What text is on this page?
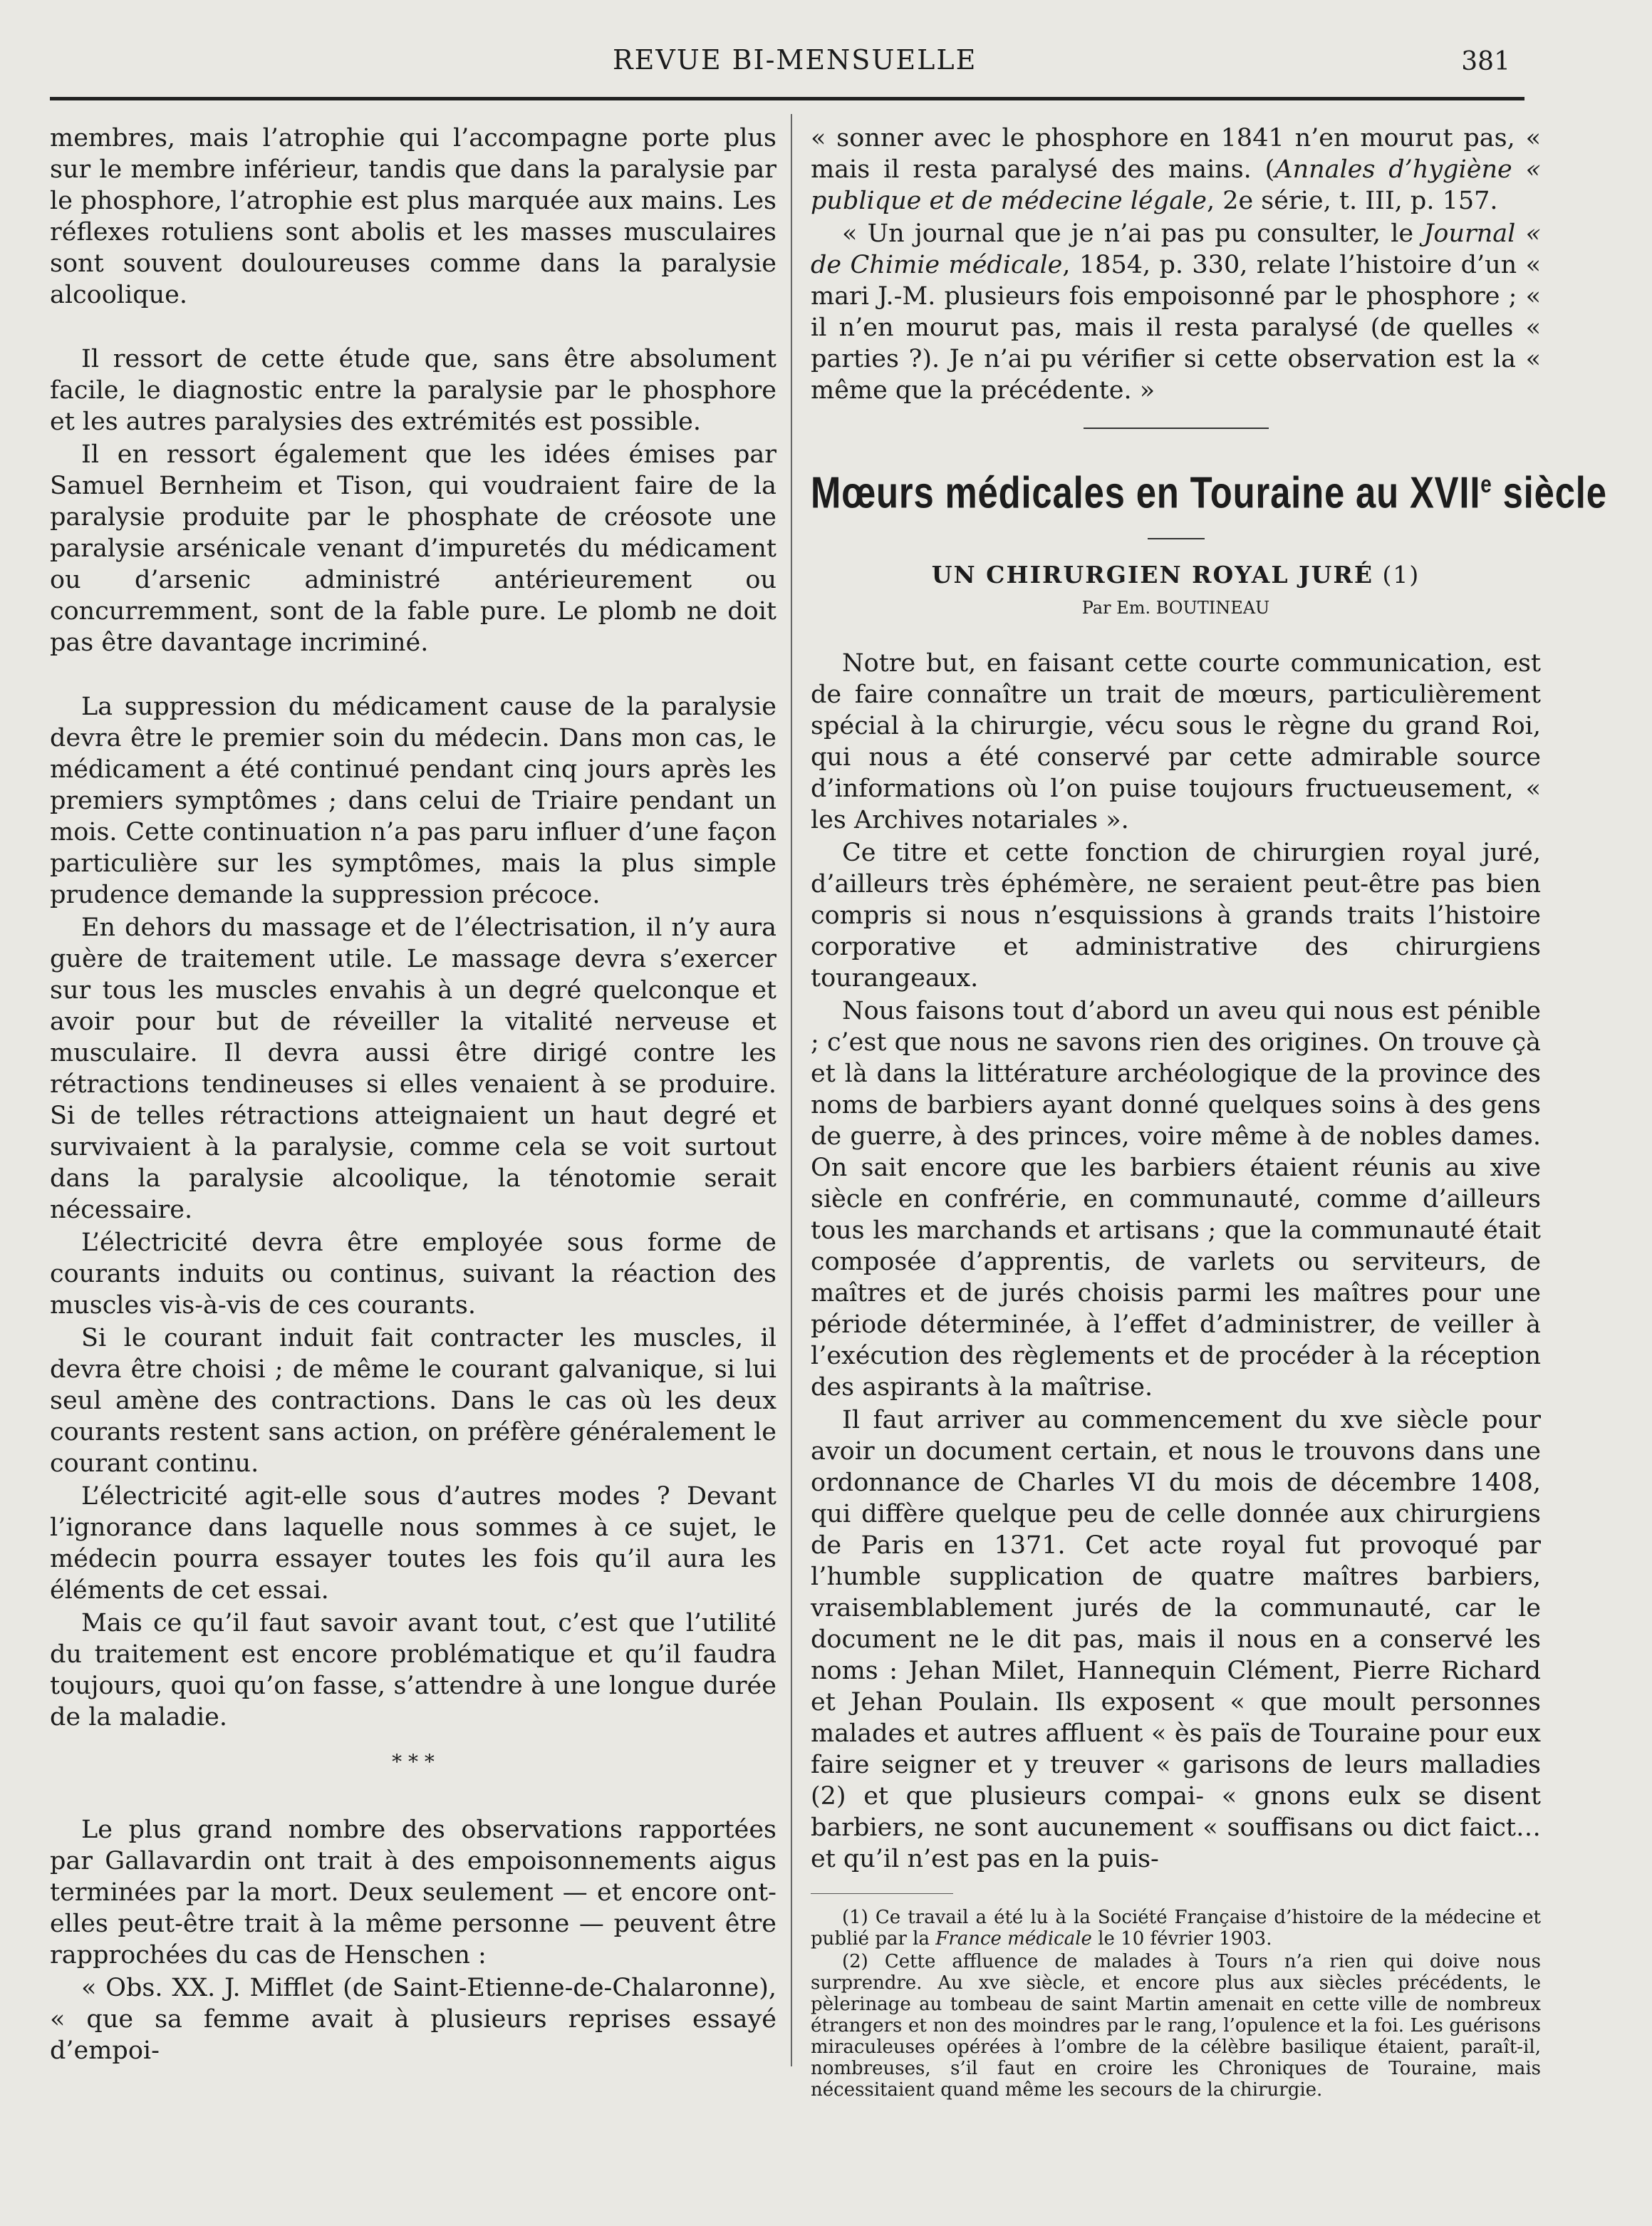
REVUE BI-MENSUELLE	381

membres, mais l’atrophie qui l’accompagne porte plus sur le membre inférieur, tandis que dans la paralysie par le phosphore, l’atrophie est plus marquée aux mains. Les réflexes rotuliens sont abolis et les masses musculaires sont souvent douloureuses comme dans la paralysie alcoolique.

Il ressort de cette étude que, sans être absolument facile, le diagnostic entre la paralysie par le phosphore et les autres paralysies des extrémités est possible.

Il en ressort également que les idées émises par Samuel Bernheim et Tison, qui voudraient faire de la paralysie produite par le phosphate de créosote une paralysie arsénicale venant d’impuretés du médicament ou d’arsenic administré antérieurement ou concurremment, sont de la fable pure. Le plomb ne doit pas être davantage incriminé.

La suppression du médicament cause de la paralysie devra être le premier soin du médecin. Dans mon cas, le médicament a été continué pendant cinq jours après les premiers symptômes ; dans celui de Triaire pendant un mois. Cette continuation n’a pas paru influer d’une façon particulière sur les symptômes, mais la plus simple prudence demande la suppression précoce.

En dehors du massage et de l’électrisation, il n’y aura guère de traitement utile. Le massage devra s’exercer sur tous les muscles envahis à un degré quelconque et avoir pour but de réveiller la vitalité nerveuse et musculaire. Il devra aussi être dirigé contre les rétractions tendineuses si elles venaient à se produire. Si de telles rétractions atteignaient un haut degré et survivaient à la paralysie, comme cela se voit surtout dans la paralysie alcoolique, la ténotomie serait nécessaire.

L’électricité devra être employée sous forme de courants induits ou continus, suivant la réaction des muscles vis-à-vis de ces courants.

Si le courant induit fait contracter les muscles, il devra être choisi ; de même le courant galvanique, si lui seul amène des contractions. Dans le cas où les deux courants restent sans action, on préfère généralement le courant continu.

L’électricité agit-elle sous d’autres modes ? Devant l’ignorance dans laquelle nous sommes à ce sujet, le médecin pourra essayer toutes les fois qu’il aura les éléments de cet essai.

Mais ce qu’il faut savoir avant tout, c’est que l’utilité du traitement est encore problématique et qu’il faudra toujours, quoi qu’on fasse, s’attendre à une longue durée de la maladie.

* * *

Le plus grand nombre des observations rapportées par Gallavardin ont trait à des empoisonnements aigus terminées par la mort. Deux seulement — et encore ont-elles peut-être trait à la même personne — peuvent être rapprochées du cas de Henschen :

« Obs. XX. J. Mifflet (de Saint-Etienne-de-Chalaronne), « que sa femme avait à plusieurs reprises essayé d’empoi-

« sonner avec le phosphore en 1841 n’en mourut pas, « mais il resta paralysé des mains. (Annales d’hygiène « publique et de médecine légale, 2e série, t. III, p. 157.

« Un journal que je n’ai pas pu consulter, le Journal « de Chimie médicale, 1854, p. 330, relate l’histoire d’un « mari J.-M. plusieurs fois empoisonné par le phosphore ; « il n’en mourut pas, mais il resta paralysé (de quelles « parties ?). Je n’ai pu vérifier si cette observation est la « même que la précédente. »

Mœurs médicales en Touraine au XVIIe siècle
UN CHIRURGIEN ROYAL JURÉ (1)
Par Em. BOUTINEAU

Notre but, en faisant cette courte communication, est de faire connaître un trait de mœurs, particulièrement spécial à la chirurgie, vécu sous le règne du grand Roi, qui nous a été conservé par cette admirable source d’informations où l’on puise toujours fructueusement, « les Archives notariales ».

Ce titre et cette fonction de chirurgien royal juré, d’ailleurs très éphémère, ne seraient peut-être pas bien compris si nous n’esquissions à grands traits l’histoire corporative et administrative des chirurgiens tourangeaux.

Nous faisons tout d’abord un aveu qui nous est pénible ; c’est que nous ne savons rien des origines. On trouve çà et là dans la littérature archéologique de la province des noms de barbiers ayant donné quelques soins à des gens de guerre, à des princes, voire même à de nobles dames. On sait encore que les barbiers étaient réunis au xive siècle en confrérie, en communauté, comme d’ailleurs tous les marchands et artisans ; que la communauté était composée d’apprentis, de varlets ou serviteurs, de maîtres et de jurés choisis parmi les maîtres pour une période déterminée, à l’effet d’administrer, de veiller à l’exécution des règlements et de procéder à la réception des aspirants à la maîtrise.

Il faut arriver au commencement du xve siècle pour avoir un document certain, et nous le trouvons dans une ordonnance de Charles VI du mois de décembre 1408, qui diffère quelque peu de celle donnée aux chirurgiens de Paris en 1371. Cet acte royal fut provoqué par l’humble supplication de quatre maîtres barbiers, vraisemblablement jurés de la communauté, car le document ne le dit pas, mais il nous en a conservé les noms : Jehan Milet, Hannequin Clément, Pierre Richard et Jehan Poulain. Ils exposent « que moult personnes malades et autres affluent « ès païs de Touraine pour eux faire seigner et y treuver « garisons de leurs malladies (2) et que plusieurs compai- « gnons eulx se disent barbiers, ne sont aucunement « souffisans ou dict faict… et qu’il n’est pas en la puis-

(1) Ce travail a été lu à la Société Française d’histoire de la médecine et publié par la France médicale le 10 février 1903.

(2) Cette affluence de malades à Tours n’a rien qui doive nous surprendre. Au xve siècle, et encore plus aux siècles précédents, le pèlerinage au tombeau de saint Martin amenait en cette ville de nombreux étrangers et non des moindres par le rang, l’opulence et la foi. Les guérisons miraculeuses opérées à l’ombre de la célèbre basilique étaient, paraît-il, nombreuses, s’il faut en croire les Chroniques de Touraine, mais nécessitaient quand même les secours de la chirurgie.
